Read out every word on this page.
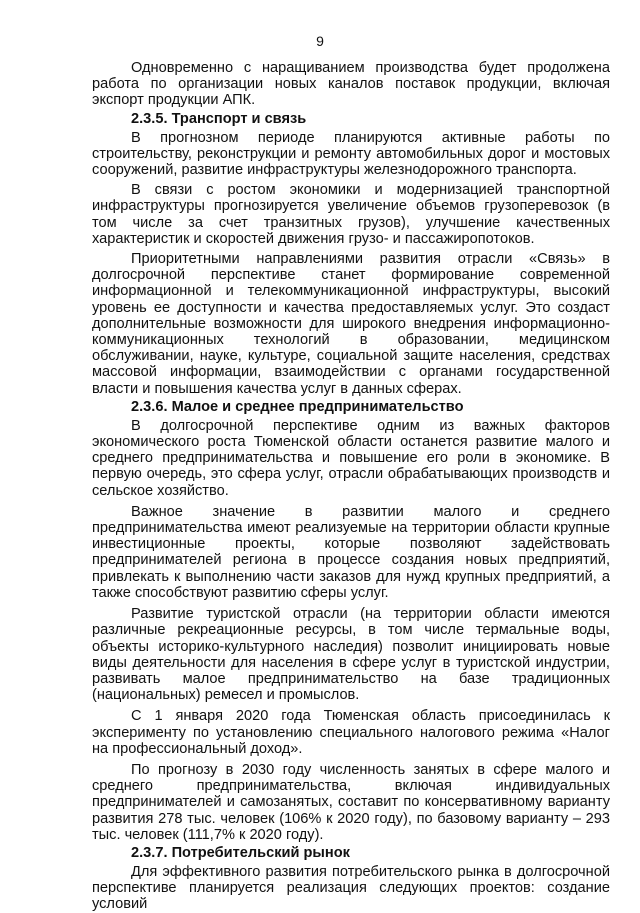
9

Одновременно с наращиванием производства будет продолжена работа по организации новых каналов поставок продукции, включая экспорт продукции АПК.

2.3.5. Транспорт и связь

В прогнозном периоде планируются активные работы по строительству, реконструкции и ремонту автомобильных дорог и мостовых сооружений, развитие инфраструктуры железнодорожного транспорта.

В связи с ростом экономики и модернизацией транспортной инфраструктуры прогнозируется увеличение объемов грузоперевозок (в том числе за счет транзитных грузов), улучшение качественных характеристик и скоростей движения грузо- и пассажиропотоков.

Приоритетными направлениями развития отрасли «Связь» в долгосрочной перспективе станет формирование современной информационной и телекоммуникационной инфраструктуры, высокий уровень ее доступности и качества предоставляемых услуг. Это создаст дополнительные возможности для широкого внедрения информационно-коммуникационных технологий в образовании, медицинском обслуживании, науке, культуре, социальной защите населения, средствах массовой информации, взаимодействии с органами государственной власти и повышения качества услуг в данных сферах.

2.3.6. Малое и среднее предпринимательство

В долгосрочной перспективе одним из важных факторов экономического роста Тюменской области останется развитие малого и среднего предпринимательства и повышение его роли в экономике. В первую очередь, это сфера услуг, отрасли обрабатывающих производств и сельское хозяйство.

Важное значение в развитии малого и среднего предпринимательства имеют реализуемые на территории области крупные инвестиционные проекты, которые позволяют задействовать предпринимателей региона в процессе создания новых предприятий, привлекать к выполнению части заказов для нужд крупных предприятий, а также способствуют развитию сферы услуг.

Развитие туристской отрасли (на территории области имеются различные рекреационные ресурсы, в том числе термальные воды, объекты историко-культурного наследия) позволит инициировать новые виды деятельности для населения в сфере услуг в туристской индустрии, развивать малое предпринимательство на базе традиционных (национальных) ремесел и промыслов.

С 1 января 2020 года Тюменская область присоединилась к эксперименту по установлению специального налогового режима «Налог на профессиональный доход».

По прогнозу в 2030 году численность занятых в сфере малого и среднего предпринимательства, включая индивидуальных предпринимателей и самозанятых, составит по консервативному варианту развития 278 тыс. человек (106% к 2020 году), по базовому варианту – 293 тыс. человек (111,7% к 2020 году).

2.3.7. Потребительский рынок

Для эффективного развития потребительского рынка в долгосрочной перспективе планируется реализация следующих проектов: создание условий
